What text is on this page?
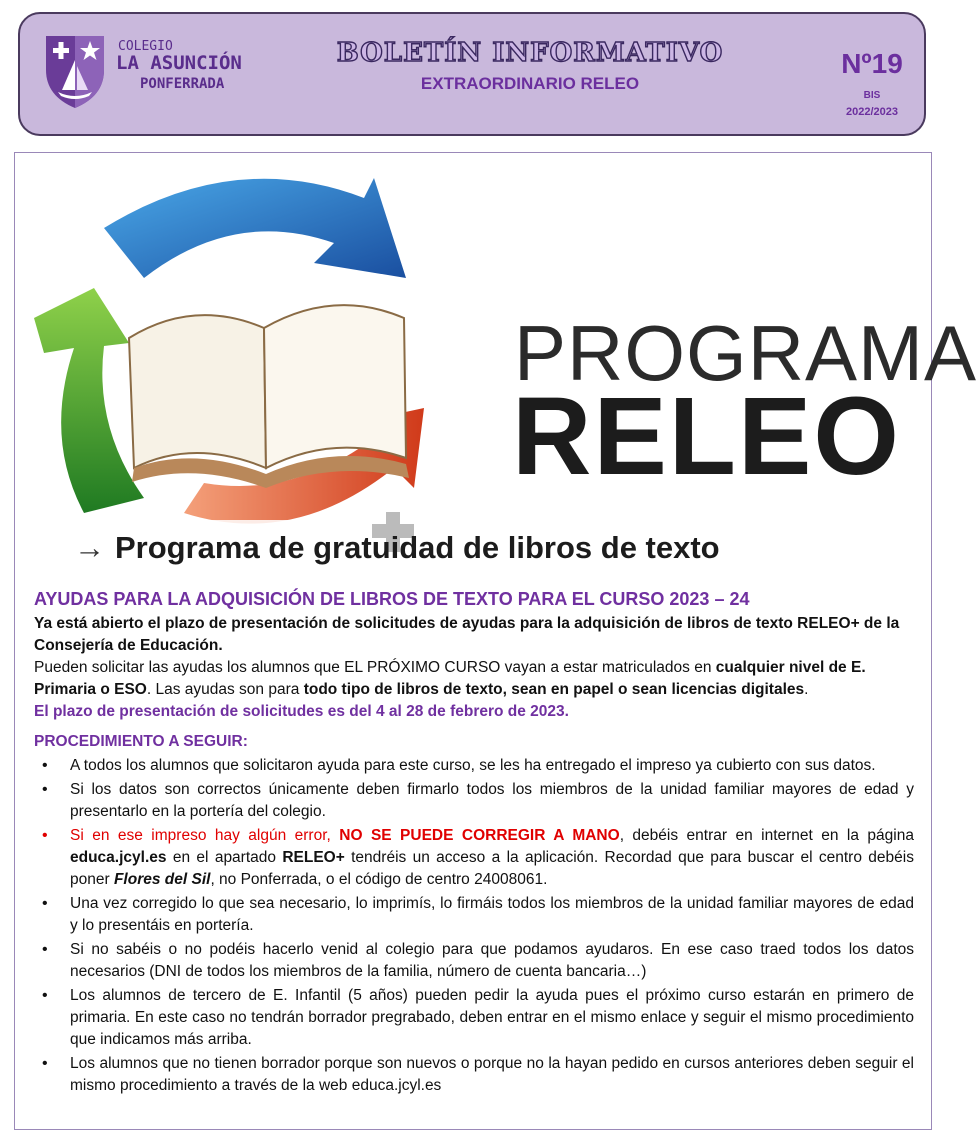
COLEGIO
LA ASUNCIÓN
PONFERRADA
BOLETÍN INFORMATIVO
EXTRAORDINARIO RELEO
Nº19
BIS
2022/2023
PROGRAMA
RELEO
→ Programa de gratuidad de libros de texto
AYUDAS PARA LA ADQUISICIÓN DE LIBROS DE TEXTO PARA EL CURSO 2023 – 24

Ya está abierto el plazo de presentación de solicitudes de ayudas para la adquisición de libros de texto RELEO+ de la Consejería de Educación.

Pueden solicitar las ayudas los alumnos que EL PRÓXIMO CURSO vayan a estar matriculados en cualquier nivel de E. Primaria o ESO. Las ayudas son para todo tipo de libros de texto, sean en papel o sean licencias digitales.

El plazo de presentación de solicitudes es del 4 al 28 de febrero de 2023.

PROCEDIMIENTO A SEGUIR:
• A todos los alumnos que solicitaron ayuda para este curso, se les ha entregado el impreso ya cubierto con sus datos.
• Si los datos son correctos únicamente deben firmarlo todos los miembros de la unidad familiar mayores de edad y presentarlo en la portería del colegio.
• Si en ese impreso hay algún error, NO SE PUEDE CORREGIR A MANO, debéis entrar en internet en la página educa.jcyl.es en el apartado RELEO+ tendréis un acceso a la aplicación. Recordad que para buscar el centro debéis poner Flores del Sil, no Ponferrada, o el código de centro 24008061.
• Una vez corregido lo que sea necesario, lo imprimís, lo firmáis todos los miembros de la unidad familiar mayores de edad y lo presentáis en portería.
• Si no sabéis o no podéis hacerlo venid al colegio para que podamos ayudaros. En ese caso traed todos los datos necesarios (DNI de todos los miembros de la familia, número de cuenta bancaria…)
• Los alumnos de tercero de E. Infantil (5 años) pueden pedir la ayuda pues el próximo curso estarán en primero de primaria. En este caso no tendrán borrador pregrabado, deben entrar en el mismo enlace y seguir el mismo procedimiento que indicamos más arriba.
• Los alumnos que no tienen borrador porque son nuevos o porque no la hayan pedido en cursos anteriores deben seguir el mismo procedimiento a través de la web educa.jcyl.es
